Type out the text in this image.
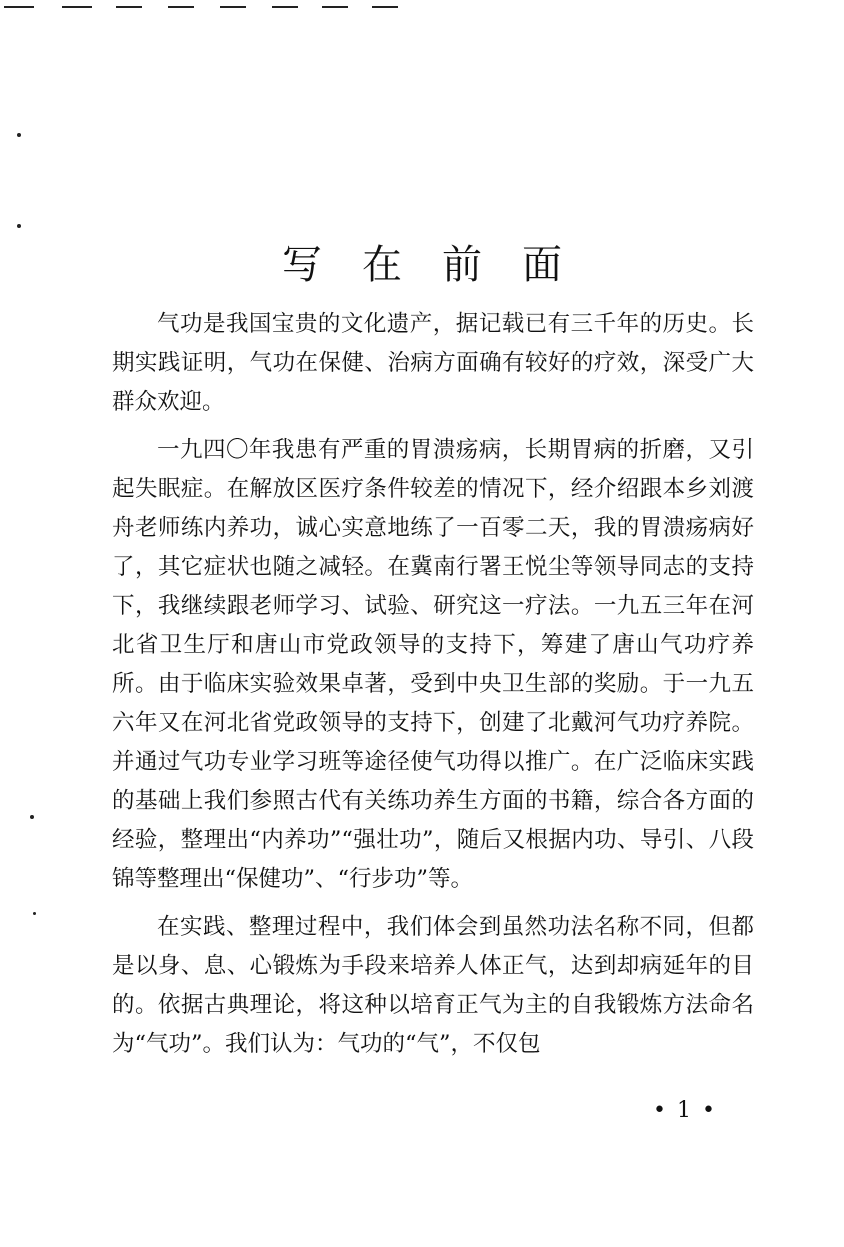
写在前面

气功是我国宝贵的文化遗产，据记载已有三千年的历史。长期实践证明，气功在保健、治病方面确有较好的疗效，深受广大群众欢迎。

一九四〇年我患有严重的胃溃疡病，长期胃病的折磨，又引起失眠症。在解放区医疗条件较差的情况下，经介绍跟本乡刘渡舟老师练内养功，诚心实意地练了一百零二天，我的胃溃疡病好了，其它症状也随之减轻。在冀南行署王悦尘等领导同志的支持下，我继续跟老师学习、试验、研究这一疗法。一九五三年在河北省卫生厅和唐山市党政领导的支持下，筹建了唐山气功疗养所。由于临床实验效果卓著，受到中央卫生部的奖励。于一九五六年又在河北省党政领导的支持下，创建了北戴河气功疗养院。并通过气功专业学习班等途径使气功得以推广。在广泛临床实践的基础上我们参照古代有关练功养生方面的书籍，综合各方面的经验，整理出“内养功”“强壮功”，随后又根据内功、导引、八段锦等整理出“保健功”、“行步功”等。

在实践、整理过程中，我们体会到虽然功法名称不同，但都是以身、息、心锻炼为手段来培养人体正气，达到却病延年的目的。依据古典理论，将这种以培育正气为主的自我锻炼方法命名为“气功”。我们认为：气功的“气”，不仅包

• 1 •
